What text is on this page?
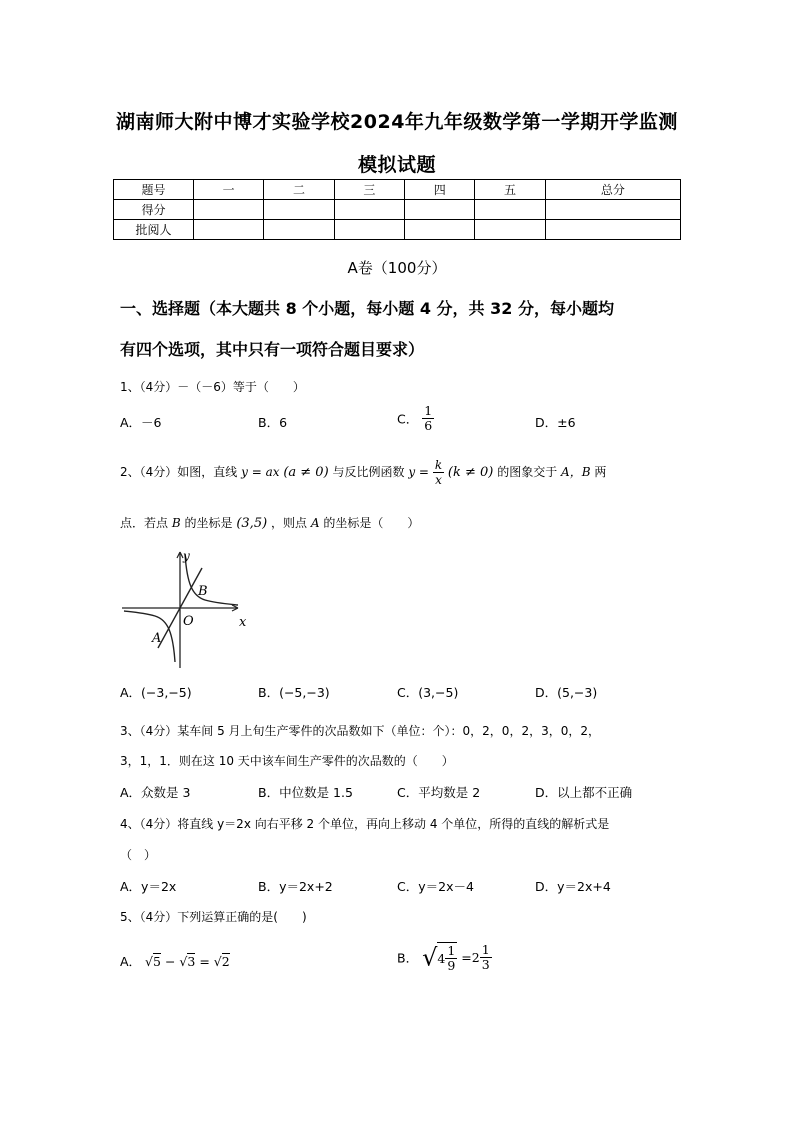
湖南师大附中博才实验学校2024年九年级数学第一学期开学监测
模拟试题
题号	一	二	三	四	五	总分
得分						
批阅人						
A卷（100分）
一、选择题（本大题共 8 个小题，每小题 4 分，共 32 分，每小题均
有四个选项，其中只有一项符合题目要求）
1、（4分）－（－6）等于（　　）
A．－6	B．6	C． $\frac{1}{6}$	D．±6
2、（4分）如图，直线 y = ax (a ≠ 0) 与反比例函数 $y = \frac{k}{x} (k \ne 0)$ 的图象交于 A，B 两
点．若点 B 的坐标是 (3,5) ，则点 A 的坐标是（　　）
y
x
O
B
A
A．(−3,−5)	B．(−5,−3)	C．(3,−5)	D．(5,−3)
3、（4分）某车间 5 月上旬生产零件的次品数如下（单位：个）：0，2，0，2，3，0，2，
3，1，1．则在这 10 天中该车间生产零件的次品数的（　　）
A．众数是 3	B．中位数是 1.5	C．平均数是 2	D．以上都不正确
4、（4分）将直线 y＝2x 向右平移 2 个单位，再向上移动 4 个单位，所得的直线的解析式是
（　）
A．y＝2x	B．y＝2x+2	C．y＝2x－4	D．y＝2x+4
5、（4分）下列运算正确的是(　　)
A． √5 − √3 = √2	B． $√4 \frac{1}{9} =2 \frac{1}{3}$
